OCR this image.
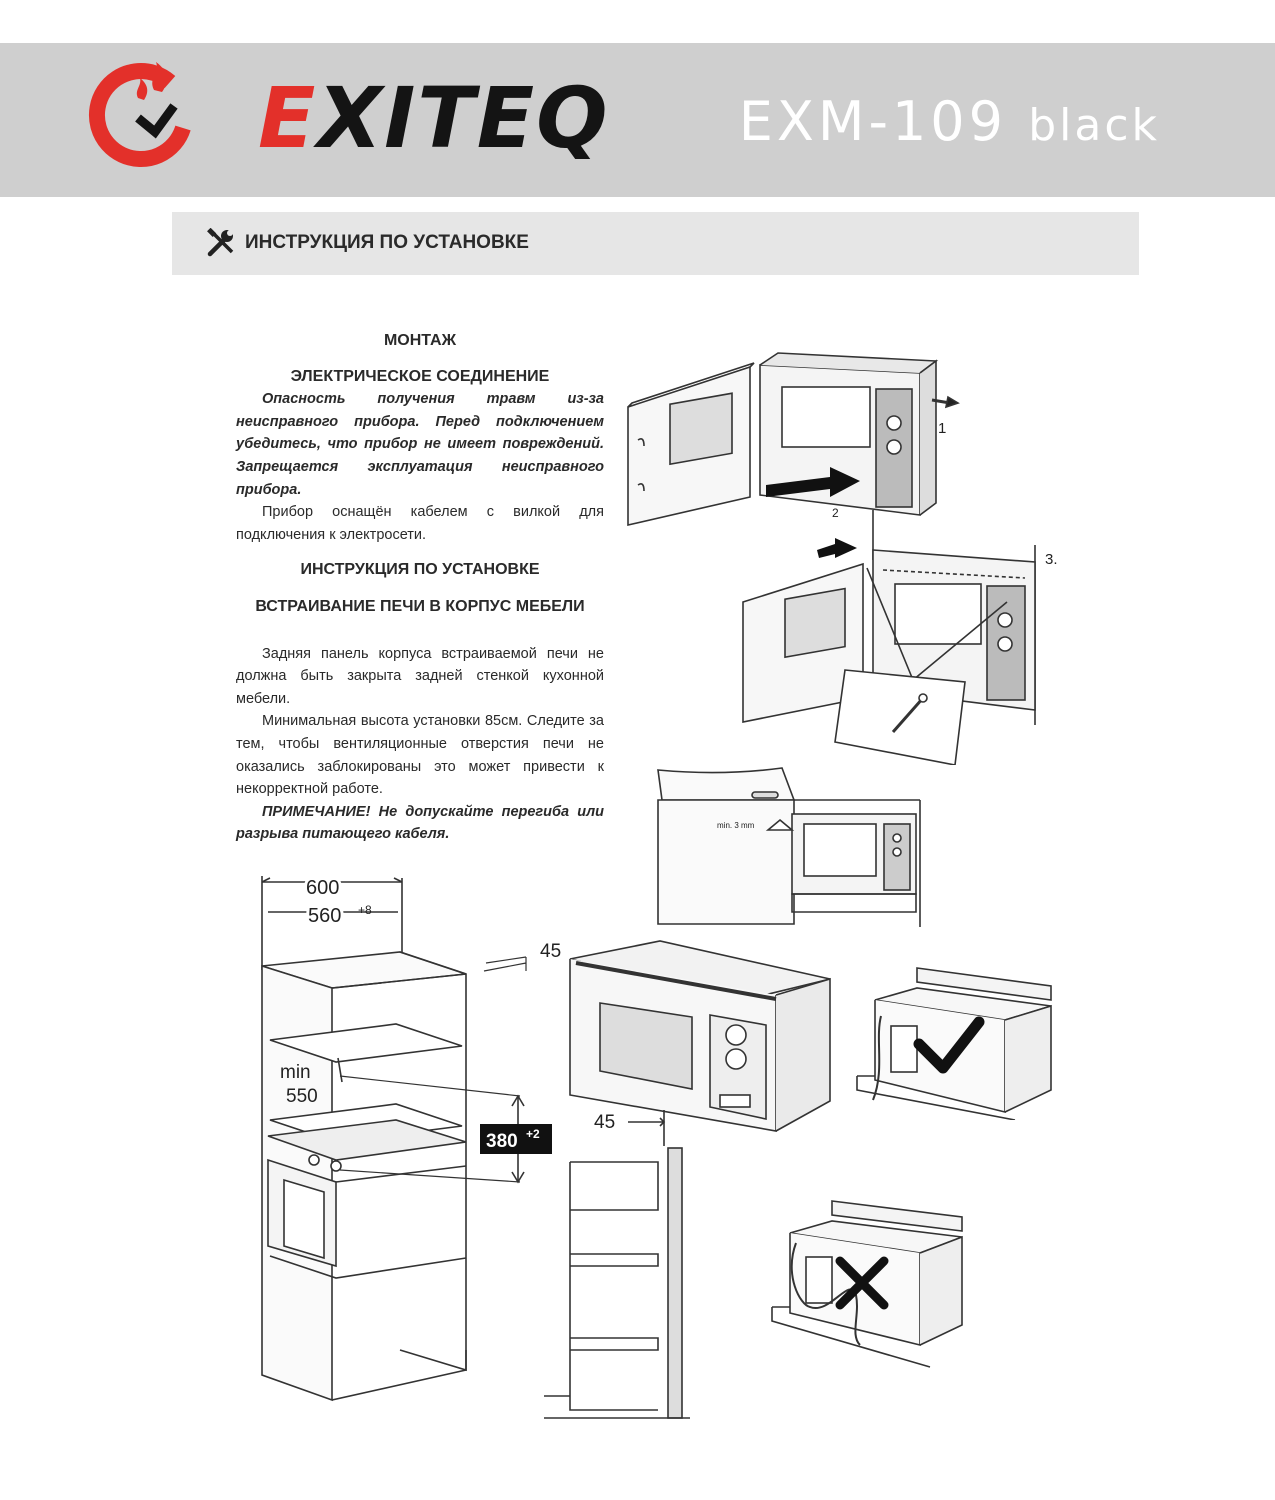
EXITEQ EXM-109 black
ИНСТРУКЦИЯ ПО УСТАНОВКЕ
МОНТАЖ
ЭЛЕКТРИЧЕСКОЕ СОЕДИНЕНИЕ

Опасность получения травм из-за неисправного прибора. Перед подключением убедитесь, что прибор не имеет повреждений. Запрещается эксплуатация неисправного прибора.

Прибор оснащён кабелем с вилкой для подключения к электросети.

ИНСТРУКЦИЯ ПО УСТАНОВКЕ
ВСТРАИВАНИЕ ПЕЧИ В КОРПУС МЕБЕЛИ

Задняя панель корпуса встраиваемой печи не должна быть закрыта задней стенкой кухонной мебели.

Минимальная высота установки 85см. Следите за тем, чтобы вентиляционные отверстия печи не оказались заблокированы это может привести к некорректной работе.

ПРИМЕЧАНИЕ! Не допускайте перегиба или разрыва питающего кабеля.

1
2
3.
min. 3 mm
600
560 +8
min
550
380 +2
45
45
